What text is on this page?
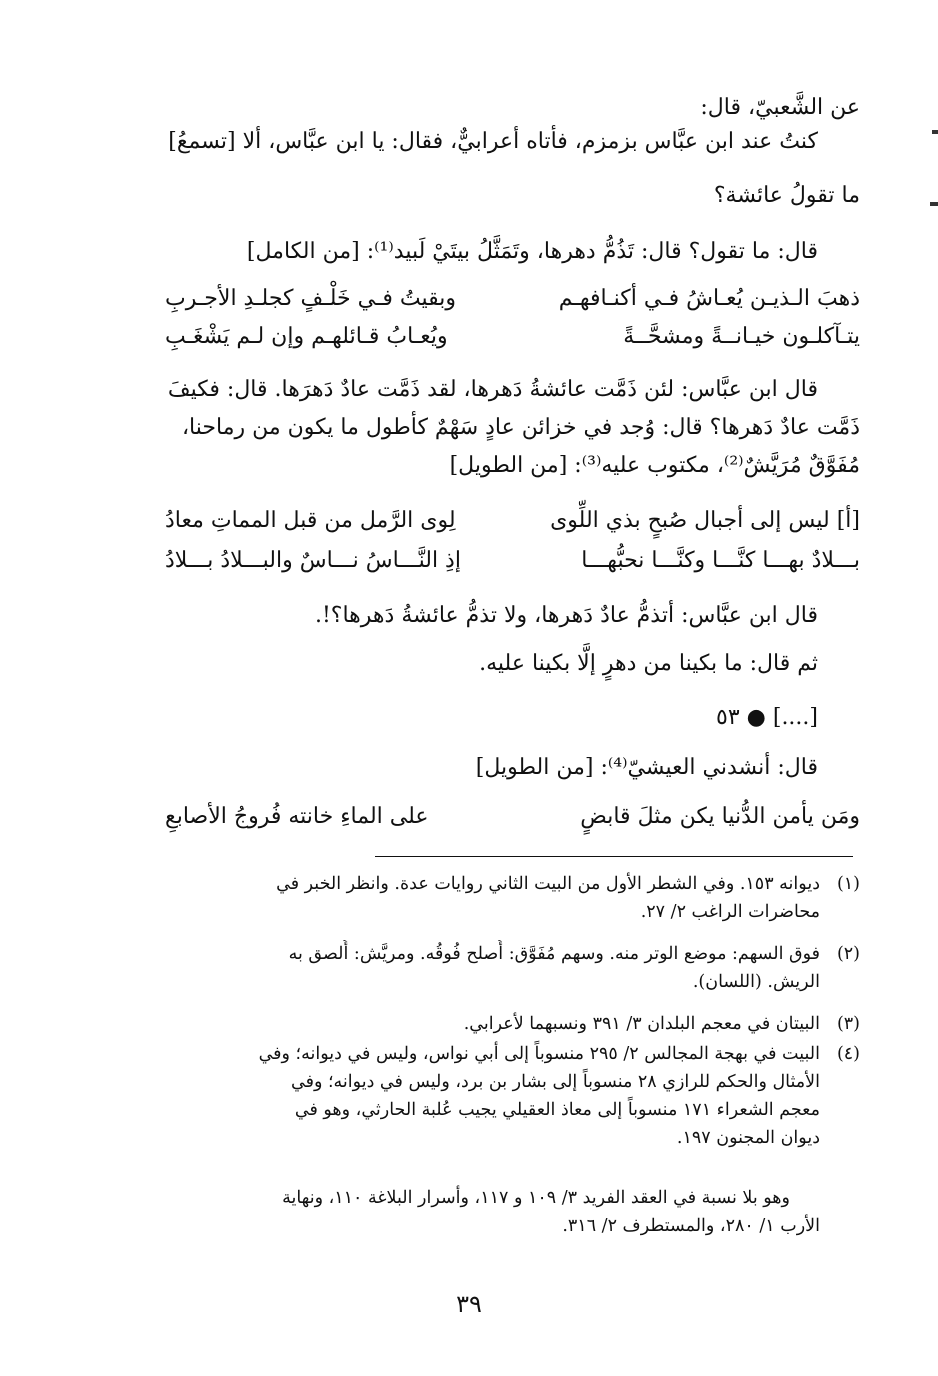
عن الشَّعبيّ، قال:
كنتُ عند ابن عبَّاس بزمزم، فأتاه أعرابيٌّ، فقال: يا ابن عبَّاس، ألا [تسمعُ]
ما تقولُ عائشة؟
قال: ما تقول؟ قال: تَذُمُّ دهرها، وتَمَثَّلُ بيتَيْ لَبيد⁽¹⁾: [من الكامل]
ذهبَ الـذيـن يُعـاشُ فـي أكنـافهـم
وبقيتُ فـي خَلْـفٍ كجلـدِ الأجـربِ
يتـآكلـون خيـانــةً ومشحَّــةً
ويُعـابُ قـائلهـم وإن لـم يَشْغَـبِ
قال ابن عبَّاس: لئن ذَمَّت عائشةُ دَهرها، لقد ذَمَّت عادٌ دَهرَها. قال: فكيفَ
ذَمَّت عادٌ دَهرها؟ قال: وُجد في خزائن عادٍ سَهْمٌ كأطول ما يكون من رماحنا،
مُفَوَّقٌ مُرَيَّشٌ⁽²⁾، مكتوب عليه⁽³⁾: [من الطويل]
[أ] ليس إلى أجبال صُبحٍ بذي اللِّوى
لِوى الرَّمل من قبل المماتِ معادُ
بـــلادٌ بهـــا كنَّـــا وكنَّـــا نحبُّهـــا
إذِ النَّـــاسُ نـــاسٌ والبـــلادُ بـــلادُ
قال ابن عبَّاس: أتذمُّ عادٌ دَهرها، ولا تذمُّ عائشةُ دَهرها؟!.
ثم قال: ما بكينا من دهرٍ إلَّا بكينا عليه.
٥٣ ● [....]
قال: أنشدني العيشيّ⁽⁴⁾: [من الطويل]
ومَن يأمن الدُّنيا يكن مثلَ قابضٍ
على الماءِ خانته فُروجُ الأصابعِ
(١)ديوانه ١٥٣. وفي الشطر الأول من البيت الثاني روايات عدة. وانظر الخبر في
محاضرات الراغب ٢/ ٢٧.
(٢)فوق السهم: موضع الوتر منه. وسهم مُفَوَّق: أُصلح فُوقُه. ومريَّش: أُلصق به
الريش. (اللسان).
(٣)البيتان في معجم البلدان ٣/ ٣٩١ ونسبهما لأعرابي.
(٤)البيت في بهجة المجالس ٢/ ٢٩٥ منسوباً إلى أبي نواس، وليس في ديوانه؛ وفي
الأمثال والحكم للرازي ٢٨ منسوباً إلى بشار بن برد، وليس في ديوانه؛ وفي
معجم الشعراء ١٧١ منسوباً إلى معاذ العقيلي يجيب عُلبة الحارثي، وهو في
ديوان المجنون ١٩٧.
وهو بلا نسبة في العقد الفريد ٣/ ١٠٩ و ١١٧، وأسرار البلاغة ١١٠، ونهاية
الأرب ١/ ٢٨٠، والمستطرف ٢/ ٣١٦.
٣٩
